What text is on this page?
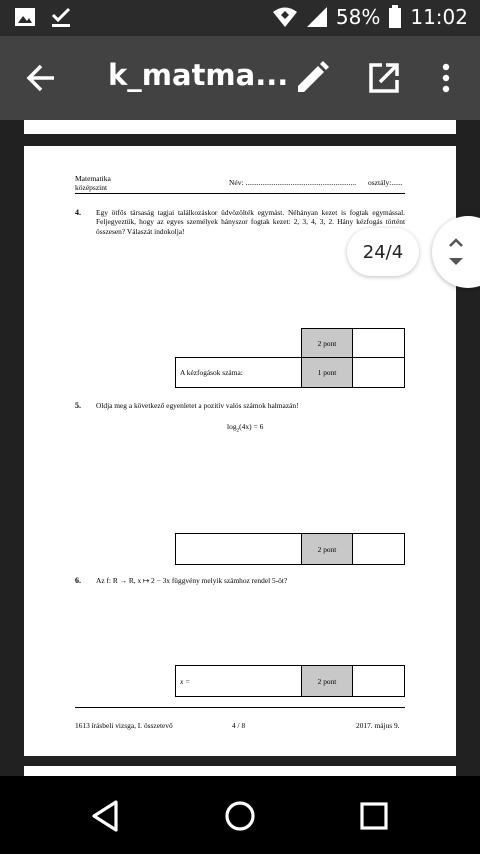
58% 11:02
k_matma...
Matematika
középszint
Név: ........................................................... osztály:......
4. Egy ötfős társaság tagjai találkozáskor üdvözölték egymást. Néhányan kezet is fogtak egymással. Feljegyeztük, hogy az egyes személyek hányszor fogtak kezet: 2, 3, 4, 3, 2. Hány kézfogás történt összesen? Válaszát indokolja!
2 pont
A kézfogások száma:	1 pont
5. Oldja meg a következő egyenletet a pozitív valós számok halmazán!
$\log_2(4x) = 6$
2 pont
6. Az f: R → R, x ↦ 2 − 3x függvény melyik számhoz rendel 5-öt?
x =	2 pont
1613 írásbeli vizsga, I. összetevő	4 / 8	2017. május 9.
24/4
